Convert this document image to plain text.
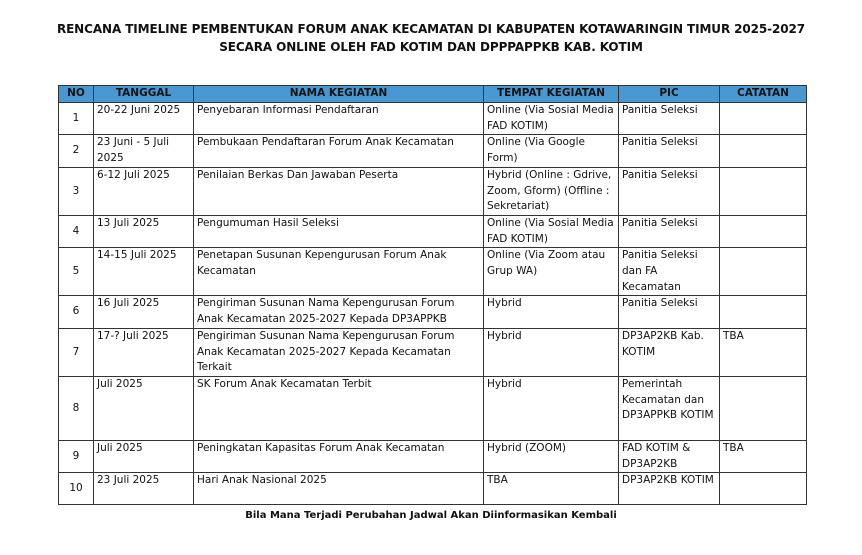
RENCANA TIMELINE PEMBENTUKAN FORUM ANAK KECAMATAN DI KABUPATEN KOTAWARINGIN TIMUR 2025-2027
SECARA ONLINE OLEH FAD KOTIM DAN DPPPAPPKB KAB. KOTIM
NO	TANGGAL	NAMA KEGIATAN	TEMPAT KEGIATAN	PIC	CATATAN
1	20-22 Juni 2025	Penyebaran Informasi Pendaftaran	Online (Via Sosial Media FAD KOTIM)	Panitia Seleksi	
2	23 Juni - 5 Juli 2025	Pembukaan Pendaftaran Forum Anak Kecamatan	Online (Via Google Form)	Panitia Seleksi	
3	6-12 Juli 2025	Penilaian Berkas Dan Jawaban Peserta	Hybrid (Online : Gdrive, Zoom, Gform) (Offline : Sekretariat)	Panitia Seleksi	
4	13 Juli 2025	Pengumuman Hasil Seleksi	Online (Via Sosial Media FAD KOTIM)	Panitia Seleksi	
5	14-15 Juli 2025	Penetapan Susunan Kepengurusan Forum Anak Kecamatan	Online (Via Zoom atau Grup WA)	Panitia Seleksi dan FA Kecamatan	
6	16 Juli 2025	Pengiriman Susunan Nama Kepengurusan Forum Anak Kecamatan 2025-2027 Kepada DP3APPKB	Hybrid	Panitia Seleksi	
7	17-? Juli 2025	Pengiriman Susunan Nama Kepengurusan Forum Anak Kecamatan 2025-2027 Kepada Kecamatan Terkait	Hybrid	DP3AP2KB Kab. KOTIM	TBA
8	Juli 2025	SK Forum Anak Kecamatan Terbit	Hybrid	Pemerintah Kecamatan dan DP3APPKB KOTIM	
9	Juli 2025	Peningkatan Kapasitas Forum Anak Kecamatan	Hybrid (ZOOM)	FAD KOTIM & DP3AP2KB	TBA
10	23 Juli 2025	Hari Anak Nasional 2025	TBA	DP3AP2KB KOTIM	
Bila Mana Terjadi Perubahan Jadwal Akan Diinformasikan Kembali
